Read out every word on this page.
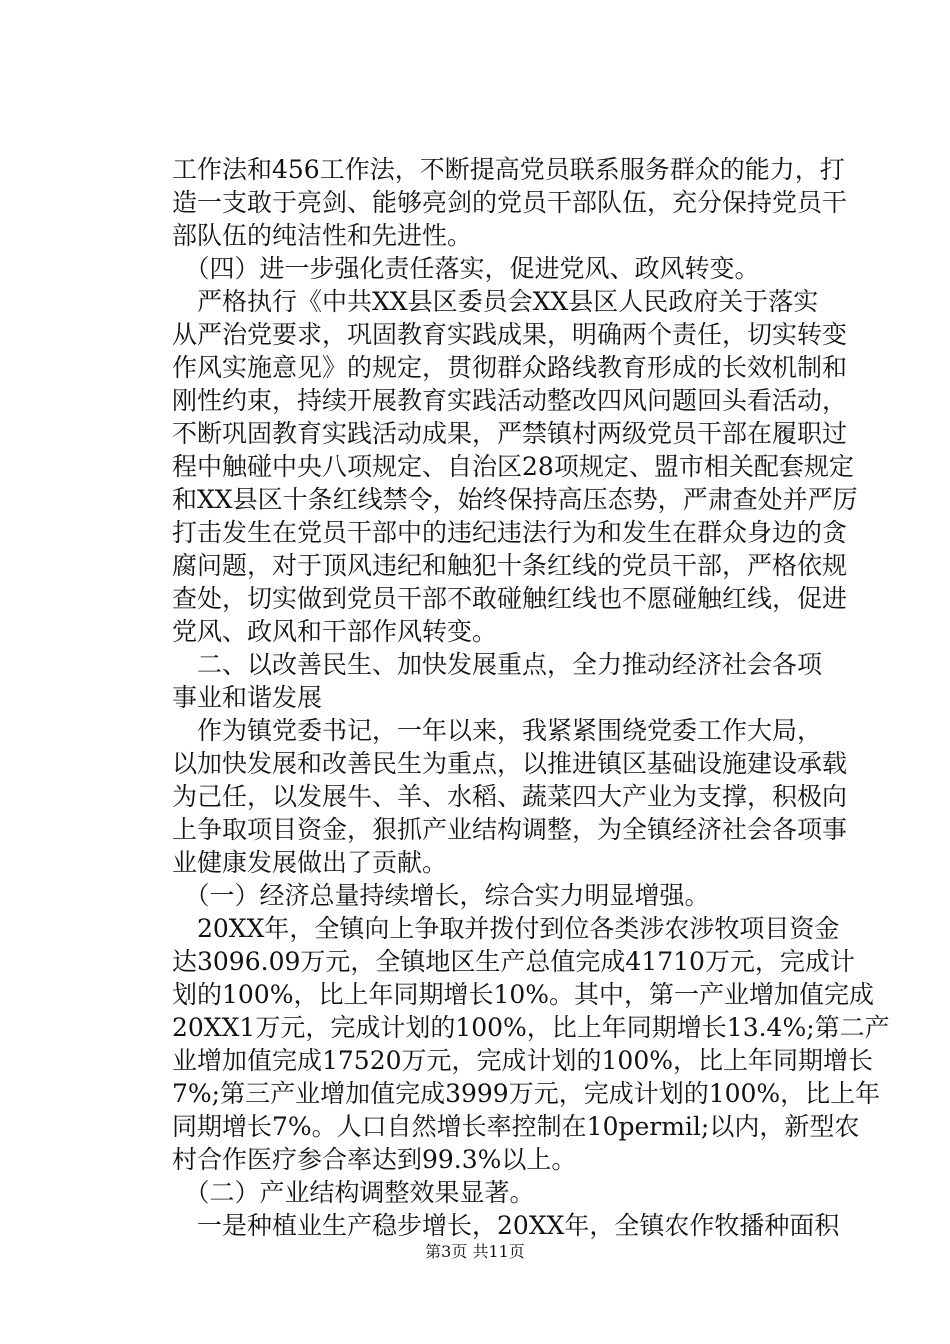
工作法和456工作法，不断提高党员联系服务群众的能力，打
造一支敢于亮剑、能够亮剑的党员干部队伍，充分保持党员干
部队伍的纯洁性和先进性。
　（四）进一步强化责任落实，促进党风、政风转变。
　严格执行《中共XX县区委员会XX县区人民政府关于落实
从严治党要求，巩固教育实践成果，明确两个责任，切实转变
作风实施意见》的规定，贯彻群众路线教育形成的长效机制和
刚性约束，持续开展教育实践活动整改四风问题回头看活动，
不断巩固教育实践活动成果，严禁镇村两级党员干部在履职过
程中触碰中央八项规定、自治区28项规定、盟市相关配套规定
和XX县区十条红线禁令，始终保持高压态势，严肃查处并严厉
打击发生在党员干部中的违纪违法行为和发生在群众身边的贪
腐问题，对于顶风违纪和触犯十条红线的党员干部，严格依规
查处，切实做到党员干部不敢碰触红线也不愿碰触红线，促进
党风、政风和干部作风转变。
　二、以改善民生、加快发展重点，全力推动经济社会各项
事业和谐发展
　作为镇党委书记，一年以来，我紧紧围绕党委工作大局，
以加快发展和改善民生为重点，以推进镇区基础设施建设承载
为己任，以发展牛、羊、水稻、蔬菜四大产业为支撑，积极向
上争取项目资金，狠抓产业结构调整，为全镇经济社会各项事
业健康发展做出了贡献。
　（一）经济总量持续增长，综合实力明显增强。
　20XX年，全镇向上争取并拨付到位各类涉农涉牧项目资金
达3096.09万元，全镇地区生产总值完成41710万元，完成计
划的100%，比上年同期增长10%。其中，第一产业增加值完成
20XX1万元，完成计划的100%，比上年同期增长13.4%;第二产
业增加值完成17520万元，完成计划的100%，比上年同期增长
7%;第三产业增加值完成3999万元，完成计划的100%，比上年
同期增长7%。人口自然增长率控制在10permil;以内，新型农
村合作医疗参合率达到99.3%以上。
　（二）产业结构调整效果显著。
　一是种植业生产稳步增长，20XX年，全镇农作牧播种面积
第3页 共11页
